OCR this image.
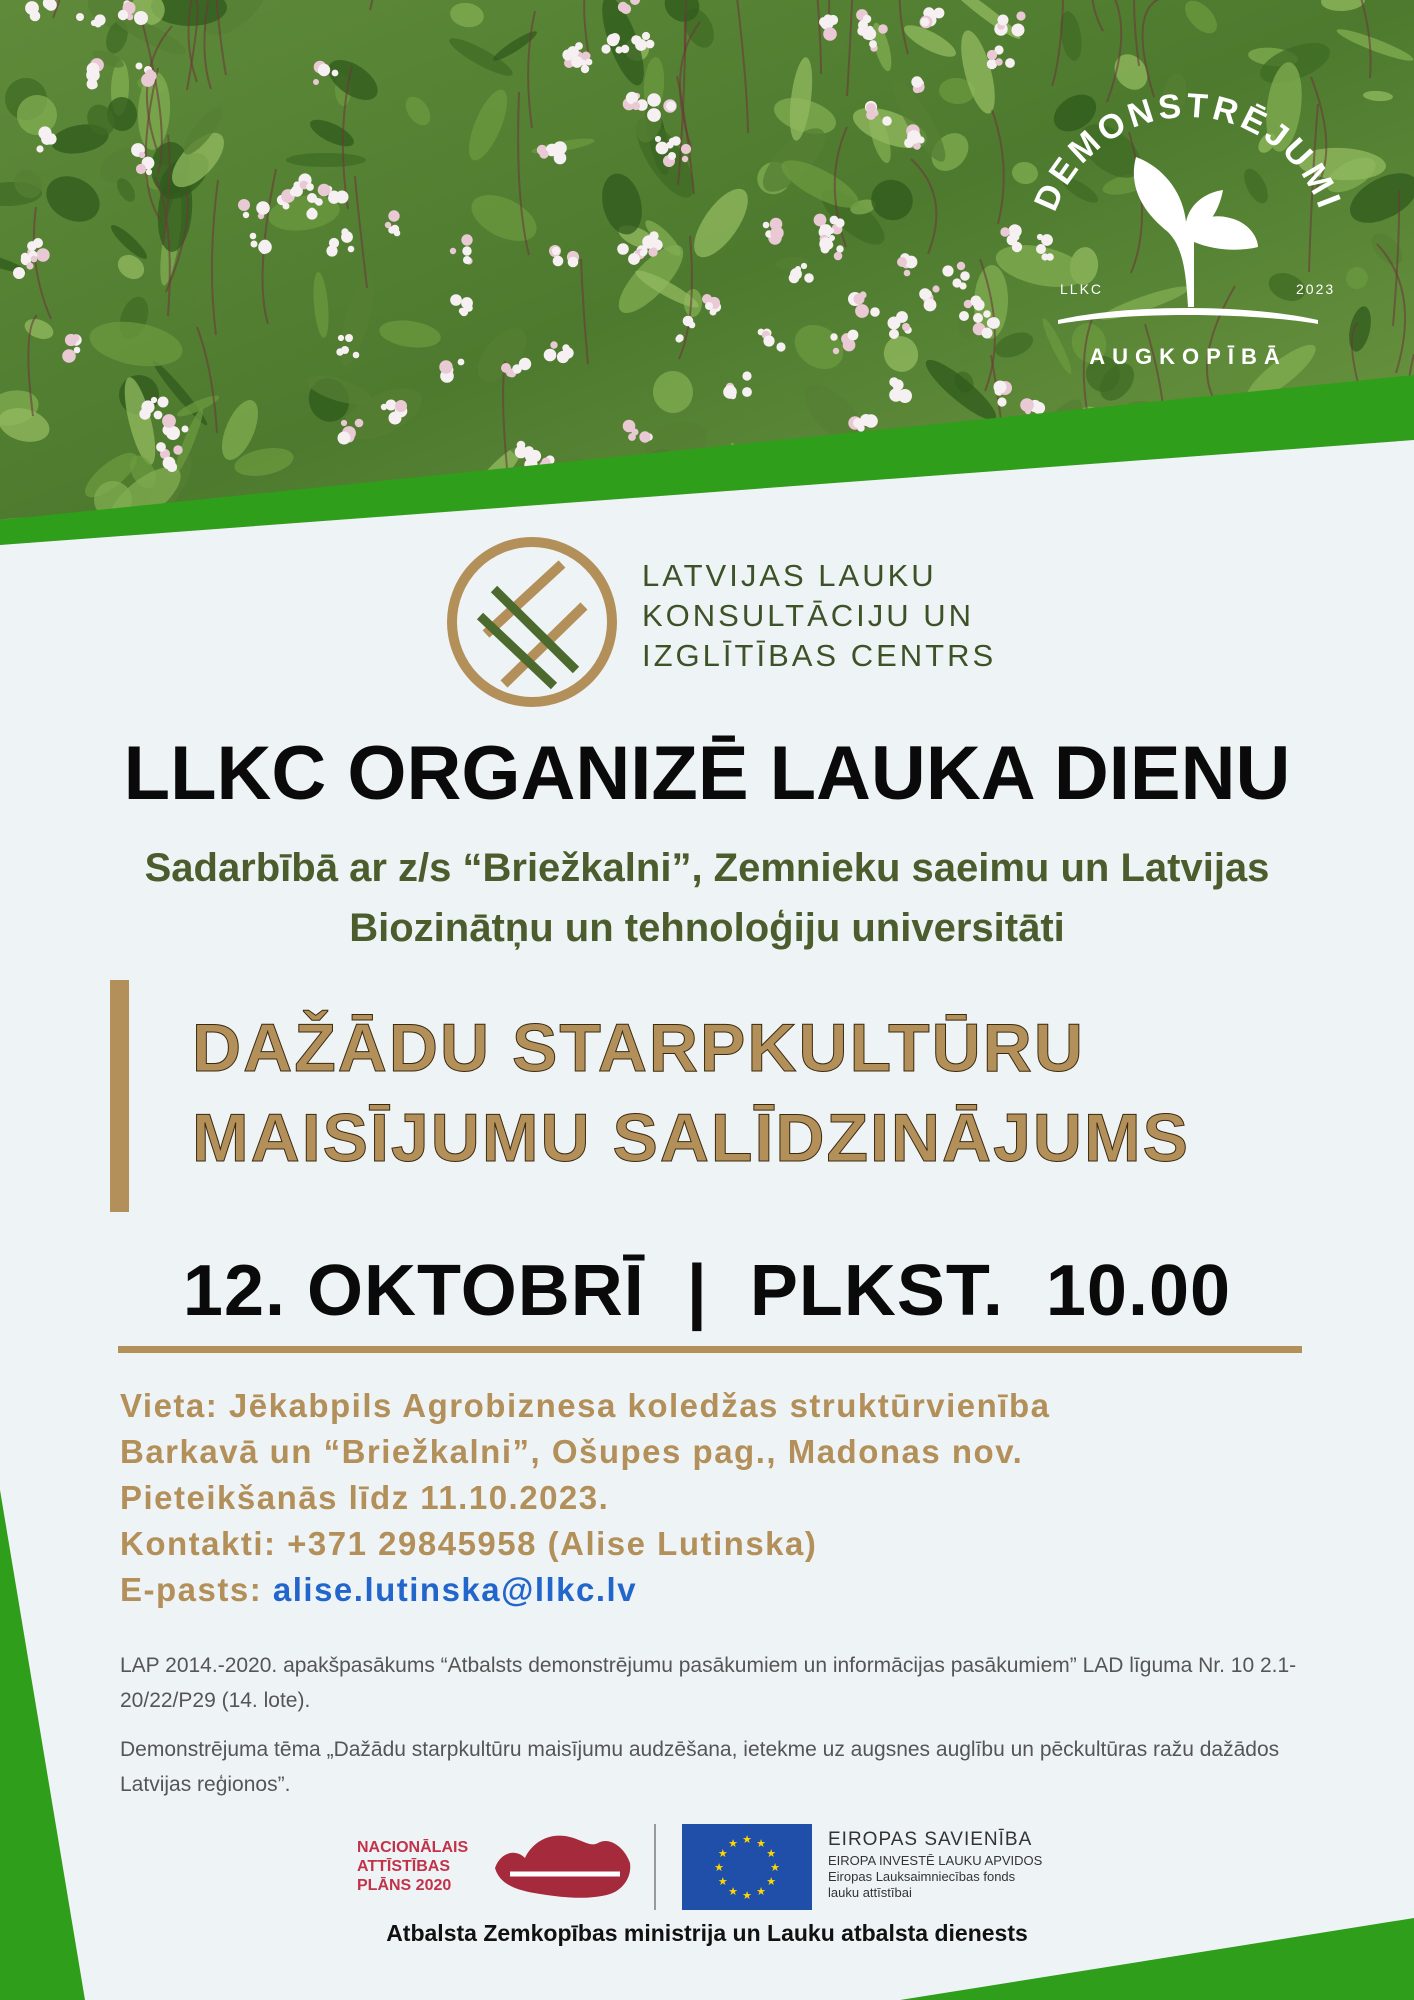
DEMONSTRĒJUMI
LLKC	2023
AUGKOPĪBĀ
LATVIJAS LAUKU
KONSULTĀCIJU UN
IZGLĪTĪBAS CENTRS
LLKC ORGANIZĒ LAUKA DIENU
Sadarbībā ar z/s “Briežkalni”, Zemnieku saeimu un Latvijas
Biozinātņu un tehnoloģiju universitāti
DAŽĀDU STARPKULTŪRU
MAISĪJUMU SALĪDZINĀJUMS
12. OKTOBRĪ  |  PLKST.  10.00
Vieta: Jēkabpils Agrobiznesa koledžas struktūrvienība
Barkavā un “Briežkalni”, Ošupes pag., Madonas nov.
Pieteikšanās līdz 11.10.2023.
Kontakti: +371 29845958 (Alise Lutinska)
E-pasts: alise.lutinska@llkc.lv
LAP 2014.-2020. apakšpasākums “Atbalsts demonstrējumu pasākumiem un informācijas pasākumiem” LAD līguma Nr. 10 2.1-20/22/P29 (14. lote).
Demonstrējuma tēma „Dažādu starpkultūru maisījumu audzēšana, ietekme uz augsnes auglību un pēckultūras ražu dažādos Latvijas reģionos”.
NACIONĀLAIS
ATTĪSTĪBAS
PLĀNS 2020
★
★
★
★
★
★
★
★
★ ★ ★
★
EIROPAS SAVIENĪBA
EIROPA INVESTĒ LAUKU APVIDOS
Eiropas Lauksaimniecības fonds
lauku attīstībai
Atbalsta Zemkopības ministrija un Lauku atbalsta dienests
